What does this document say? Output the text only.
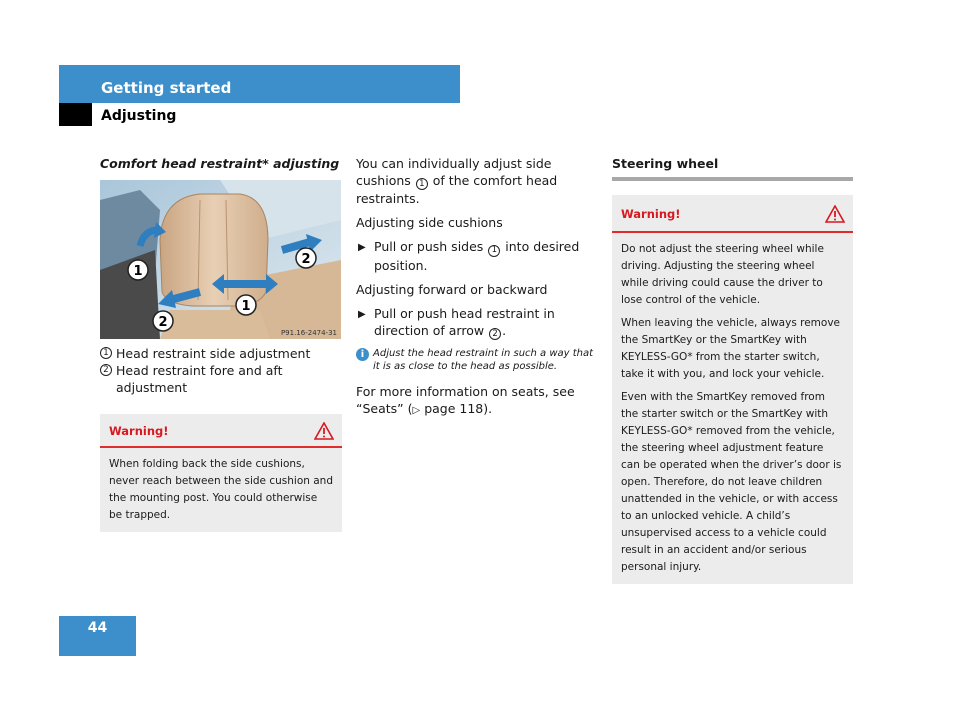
Getting started
Adjusting
Comfort head restraint* adjusting
1
2
1
2
P91.16-2474-31
1 Head restraint side adjustment
2 Head restraint fore and aft adjustment
Warning!
When folding back the side cushions, never reach between the side cushion and the mounting post. You could otherwise be trapped.
You can individually adjust side cushions 1 of the comfort head restraints.
Adjusting side cushions
▶ Pull or push sides 1 into desired position.
Adjusting forward or backward
▶ Pull or push head restraint in direction of arrow 2 .
i Adjust the head restraint in such a way that it is as close to the head as possible.
For more information on seats, see “Seats” (▷ page 118).
Steering wheel
Warning!

Do not adjust the steering wheel while driving. Adjusting the steering wheel while driving could cause the driver to lose control of the vehicle.

When leaving the vehicle, always remove the SmartKey or the SmartKey with KEYLESS-GO* from the starter switch, take it with you, and lock your vehicle.

Even with the SmartKey removed from the starter switch or the SmartKey with KEYLESS-GO* removed from the vehicle, the steering wheel adjustment feature can be operated when the driver’s door is open. Therefore, do not leave children unattended in the vehicle, or with access to an unlocked vehicle. A child’s unsupervised access to a vehicle could result in an accident and/or serious personal injury.

44
